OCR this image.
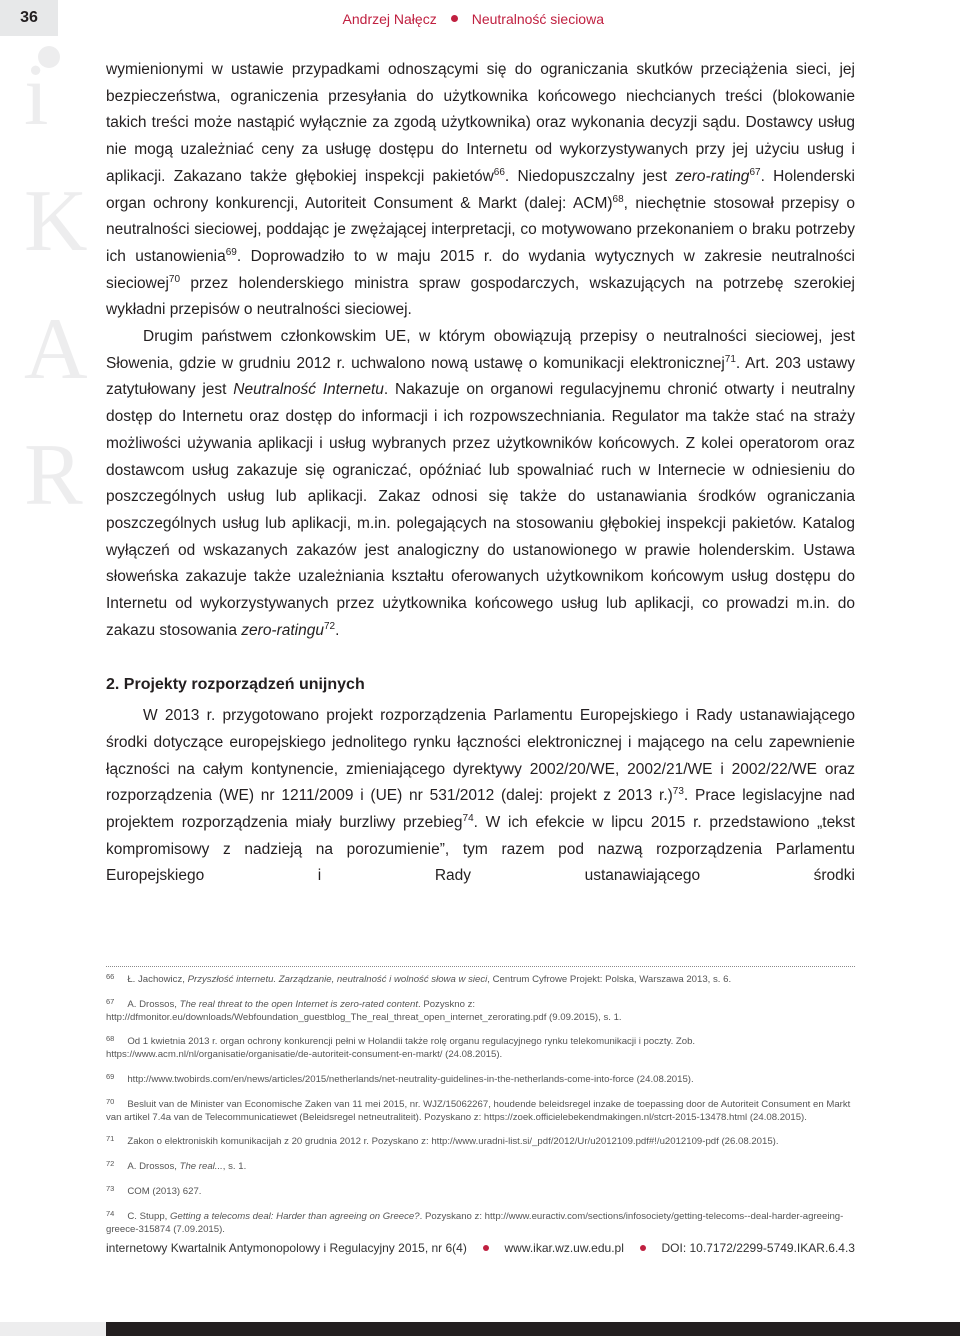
36	Andrzej Nałęcz	Neutralność sieciowa
i
K
A
R

wymienionymi w ustawie przypadkami odnoszącymi się do ograniczania skutków przeciążenia sieci, jej bezpieczeństwa, ograniczenia przesyłania do użytkownika końcowego niechcianych treści (blokowanie takich treści może nastąpić wyłącznie za zgodą użytkownika) oraz wykonania decyzji sądu. Dostawcy usług nie mogą uzależniać ceny za usługę dostępu do Internetu od wykorzystywanych przy jej użyciu usług i aplikacji. Zakazano także głębokiej inspekcji pakietów$^{66}$. Niedopuszczalny jest zero-rating$^{67}$. Holenderski organ ochrony konkurencji, Autoriteit Consument & Markt (dalej: ACM)$^{68}$, niechętnie stosował przepisy o neutralności sieciowej, poddając je zwężającej interpretacji, co motywowano przekonaniem o braku potrzeby ich ustanowienia$^{69}$. Doprowadziło to w maju 2015 r. do wydania wytycznych w zakresie neutralności sieciowej$^{70}$ przez holenderskiego ministra spraw gospodarczych, wskazujących na potrzebę szerokiej wykładni przepisów o neutralności sieciowej.

Drugim państwem członkowskim UE, w którym obowiązują przepisy o neutralności sieciowej, jest Słowenia, gdzie w grudniu 2012 r. uchwalono nową ustawę o komunikacji elektronicznej$^{71}$. Art. 203 ustawy zatytułowany jest Neutralność Internetu. Nakazuje on organowi regulacyjnemu chronić otwarty i neutralny dostęp do Internetu oraz dostęp do informacji i ich rozpowszechniania. Regulator ma także stać na straży możliwości używania aplikacji i usług wybranych przez użytkowników końcowych. Z kolei operatorom oraz dostawcom usług zakazuje się ograniczać, opóźniać lub spowalniać ruch w Internecie w odniesieniu do poszczególnych usług lub aplikacji. Zakaz odnosi się także do ustanawiania środków ograniczania poszczególnych usług lub aplikacji, m.in. polegających na stosowaniu głębokiej inspekcji pakietów. Katalog wyłączeń od wskazanych zakazów jest analogiczny do ustanowionego w prawie holenderskim. Ustawa słoweńska zakazuje także uzależniania kształtu oferowanych użytkownikom końcowym usług dostępu do Internetu od wykorzystywanych przez użytkownika końcowego usług lub aplikacji, co prowadzi m.in. do zakazu stosowania zero-ratingu$^{72}$.

2. Projekty rozporządzeń unijnych

W 2013 r. przygotowano projekt rozporządzenia Parlamentu Europejskiego i Rady ustanawiającego środki dotyczące europejskiego jednolitego rynku łączności elektronicznej i mającego na celu zapewnienie łączności na całym kontynencie, zmieniającego dyrektywy 2002/20/WE, 2002/21/WE i 2002/22/WE oraz rozporządzenia (WE) nr 1211/2009 i (UE) nr 531/2012 (dalej: projekt z 2013 r.)$^{73}$. Prace legislacyjne nad projektem rozporządzenia miały burzliwy przebieg$^{74}$. W ich efekcie w lipcu 2015 r. przedstawiono „tekst kompromisowy z nadzieją na porozumienie”, tym razem pod nazwą rozporządzenia Parlamentu Europejskiego i Rady ustanawiającego środki

$^{66}$ Ł. Jachowicz, Przyszłość internetu. Zarządzanie, neutralność i wolność słowa w sieci, Centrum Cyfrowe Projekt: Polska, Warszawa 2013, s. 6.
$^{67}$ A. Drossos, The real threat to the open Internet is zero-rated content. Pozyskno z: http://dfmonitor.eu/downloads/Webfoundation_guestblog_The_real_threat_open_internet_zerorating.pdf (9.09.2015), s. 1.
$^{68}$ Od 1 kwietnia 2013 r. organ ochrony konkurencji pełni w Holandii także rolę organu regulacyjnego rynku telekomunikacji i poczty. Zob. https://www.acm.nl/nl/organisatie/organisatie/de-autoriteit-consument-en-markt/ (24.08.2015).
$^{69}$ http://www.twobirds.com/en/news/articles/2015/netherlands/net-neutrality-guidelines-in-the-netherlands-come-into-force (24.08.2015).
$^{70}$ Besluit van de Minister van Economische Zaken van 11 mei 2015, nr. WJZ/15062267, houdende beleidsregel inzake de toepassing door de Autoriteit Consument en Markt van artikel 7.4a van de Telecommunicatiewet (Beleidsregel netneutraliteit). Pozyskano z: https://zoek.officielebekendmakingen.nl/stcrt-2015-13478.html (24.08.2015).
$^{71}$ Zakon o elektroniskih komunikacijah z 20 grudnia 2012 r. Pozyskano z: http://www.uradni-list.si/_pdf/2012/Ur/u2012109.pdf#!/u2012109-pdf (26.08.2015).
$^{72}$ A. Drossos, The real..., s. 1.
$^{73}$ COM (2013) 627.
$^{74}$ C. Stupp, Getting a telecoms deal: Harder than agreeing on Greece?. Pozyskano z: http://www.euractiv.com/sections/infosociety/getting-telecoms--deal-harder-agreeing-greece-315874 (7.09.2015).
internetowy Kwartalnik Antymonopolowy i Regulacyjny 2015, nr 6(4)	www.ikar.wz.uw.edu.pl	DOI: 10.7172/2299-5749.IKAR.6.4.3
